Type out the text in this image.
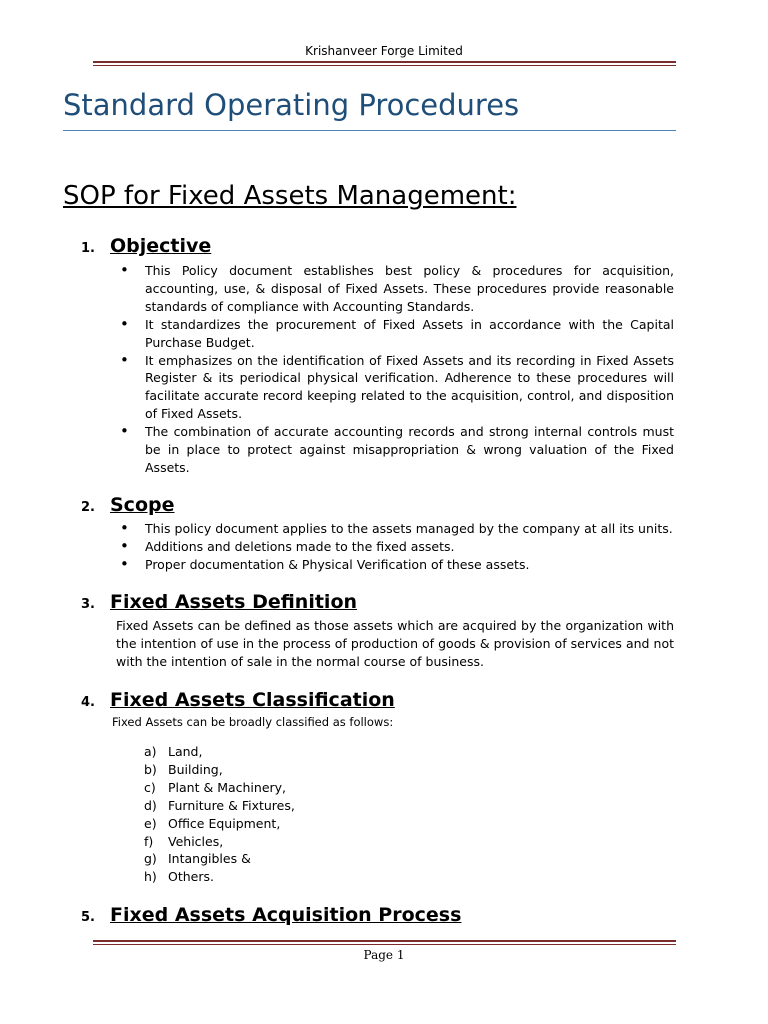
Krishanveer Forge Limited
Standard Operating Procedures
SOP for Fixed Assets Management:
1. Objective
• This Policy document establishes best policy & procedures for acquisition, accounting, use, & disposal of Fixed Assets. These procedures provide reasonable standards of compliance with Accounting Standards.
• It standardizes the procurement of Fixed Assets in accordance with the Capital Purchase Budget.
• It emphasizes on the identification of Fixed Assets and its recording in Fixed Assets Register & its periodical physical verification. Adherence to these procedures will facilitate accurate record keeping related to the acquisition, control, and disposition of Fixed Assets.
• The combination of accurate accounting records and strong internal controls must be in place to protect against misappropriation & wrong valuation of the Fixed Assets.
2. Scope
• This policy document applies to the assets managed by the company at all its units.
• Additions and deletions made to the fixed assets.
• Proper documentation & Physical Verification of these assets.
3. Fixed Assets Definition
Fixed Assets can be defined as those assets which are acquired by the organization with the intention of use in the process of production of goods & provision of services and not with the intention of sale in the normal course of business.
4. Fixed Assets Classification
Fixed Assets can be broadly classified as follows:
a) Land,
b) Building,
c) Plant & Machinery,
d) Furniture & Fixtures,
e) Office Equipment,
f) Vehicles,
g) Intangibles &
h) Others.
5. Fixed Assets Acquisition Process
Page 1
